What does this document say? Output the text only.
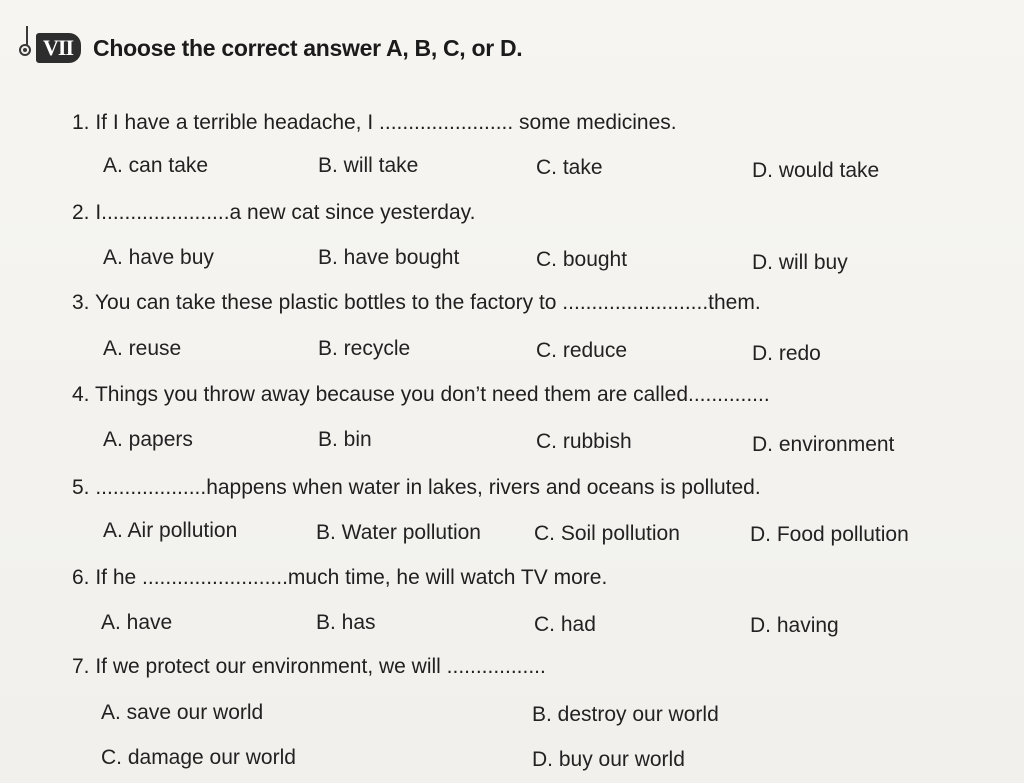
VII Choose the correct answer A, B, C, or D.
1. If I have a terrible headache, I ....................... some medicines.
A. can take	B. will take	C. take	D. would take
2. I......................a new cat since yesterday.
A. have buy	B. have bought	C. bought	D. will buy
3. You can take these plastic bottles to the factory to .........................them.
A. reuse	B. recycle	C. reduce	D. redo
4. Things you throw away because you don’t need them are called..............
A. papers	B. bin	C. rubbish	D. environment
5. ...................happens when water in lakes, rivers and oceans is polluted.
A. Air pollution	B. Water pollution	C. Soil pollution	D. Food pollution
6. If he .........................much time, he will watch TV more.
A. have	B. has	C. had	D. having
7. If we protect our environment, we will .................
A. save our world	B. destroy our world
C. damage our world	D. buy our world
